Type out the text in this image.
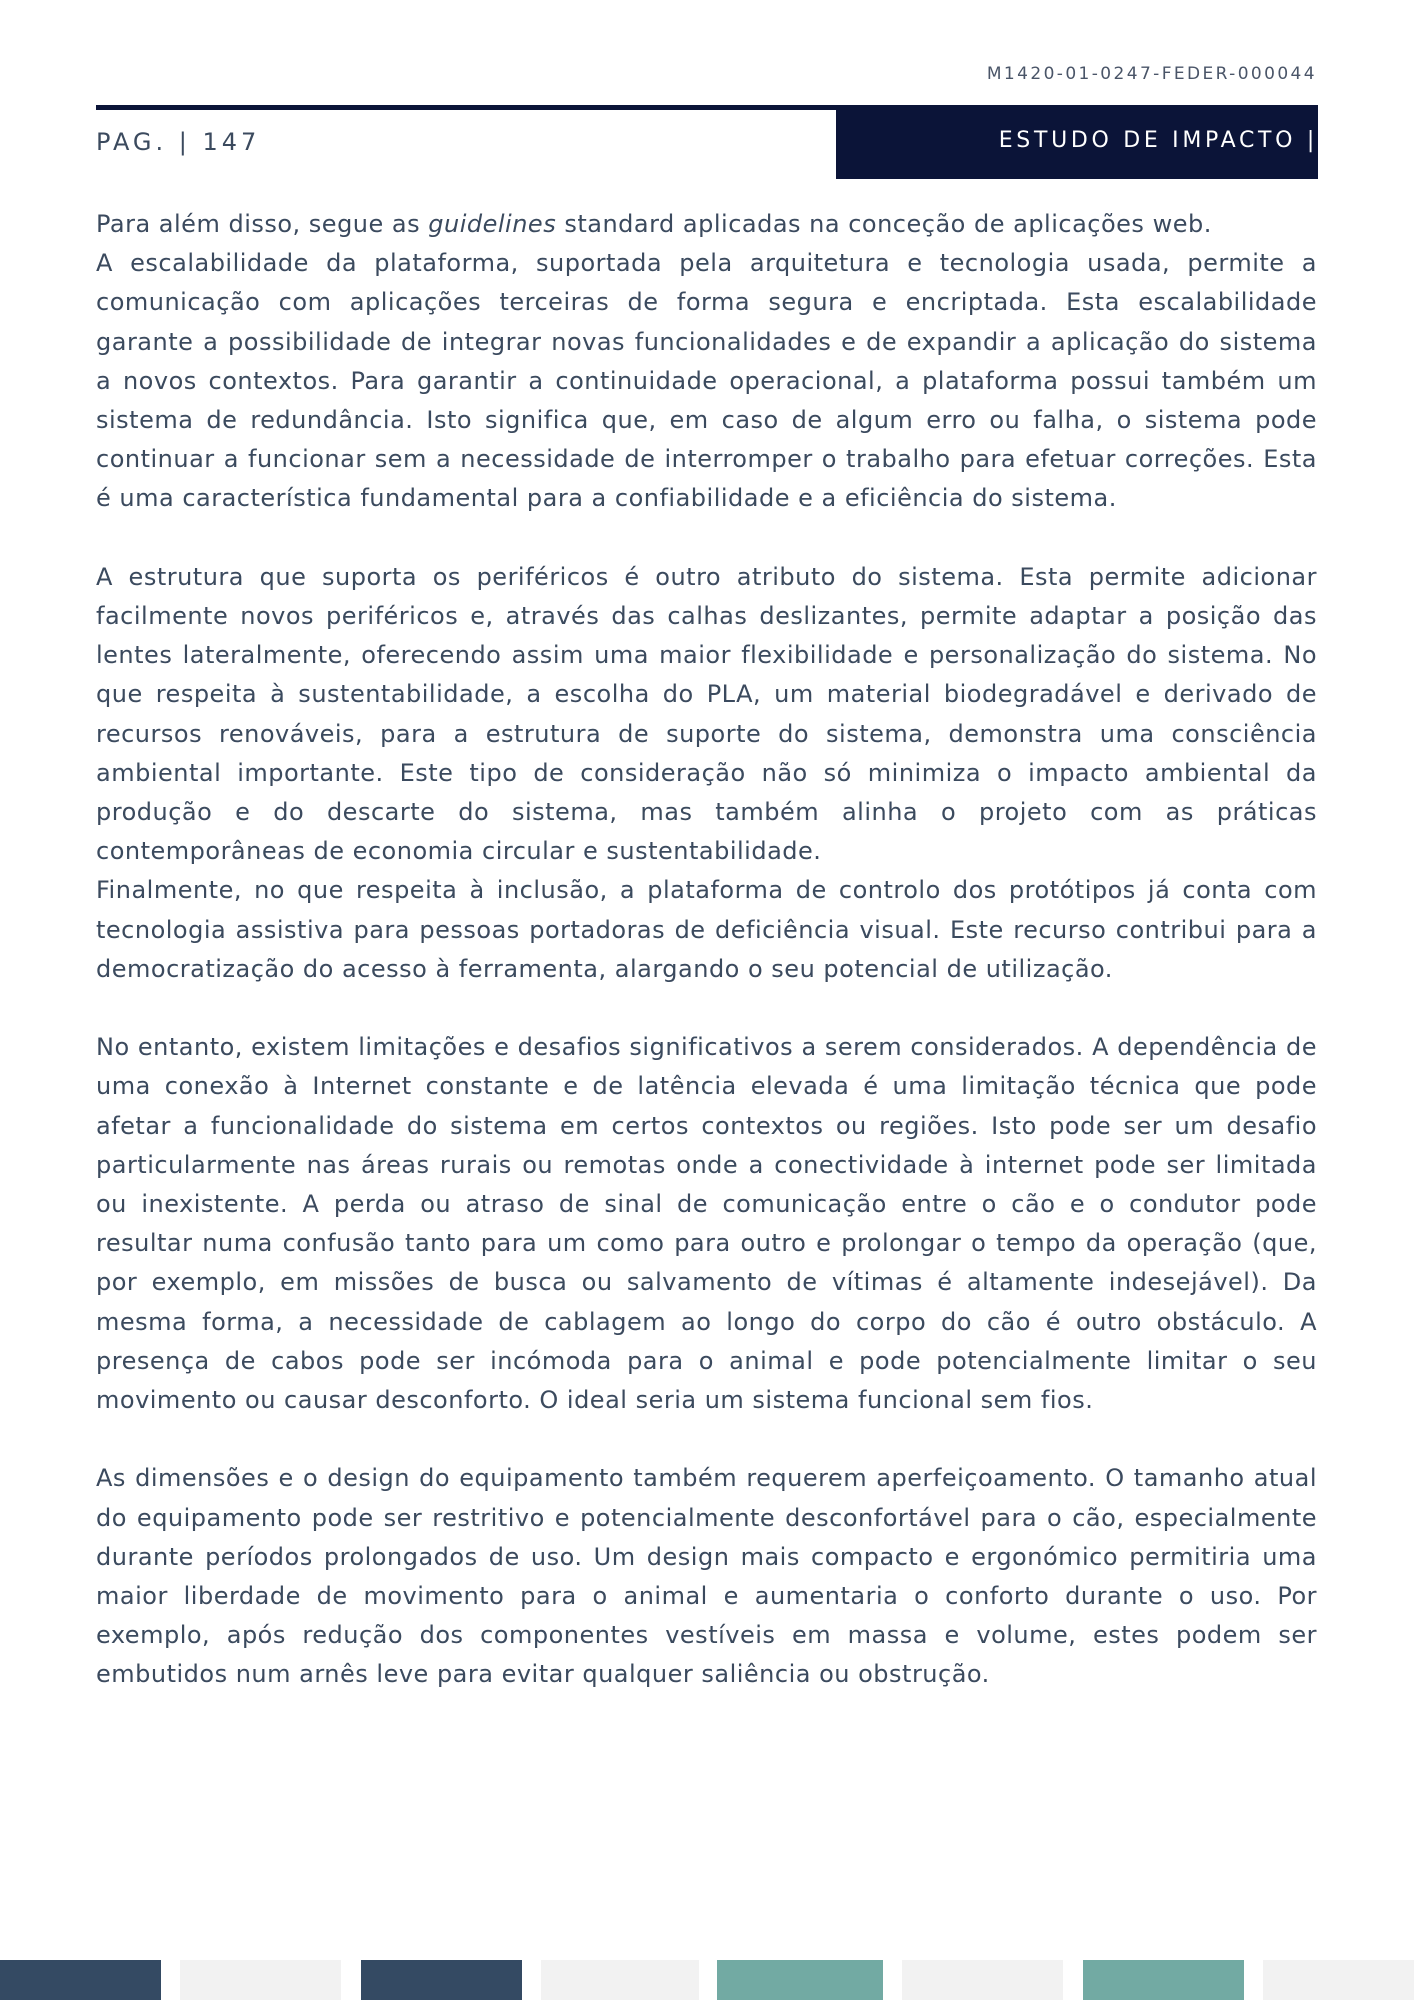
M1420-01-0247-FEDER-000044
PAG. | 147	ESTUDO DE IMPACTO |

Para além disso, segue as guidelines standard aplicadas na conceção de aplicações web.

A escalabilidade da plataforma, suportada pela arquitetura e tecnologia usada, permite a comunicação com aplicações terceiras de forma segura e encriptada. Esta escalabilidade garante a possibilidade de integrar novas funcionalidades e de expandir a aplicação do sistema a novos contextos. Para garantir a continuidade operacional, a plataforma possui também um sistema de redundância. Isto significa que, em caso de algum erro ou falha, o sistema pode continuar a funcionar sem a necessidade de interromper o trabalho para efetuar correções. Esta é uma característica fundamental para a confiabilidade e a eficiência do sistema.

A estrutura que suporta os periféricos é outro atributo do sistema. Esta permite adicionar facilmente novos periféricos e, através das calhas deslizantes, permite adaptar a posição das lentes lateralmente, oferecendo assim uma maior flexibilidade e personalização do sistema. No que respeita à sustentabilidade, a escolha do PLA, um material biodegradável e derivado de recursos renováveis, para a estrutura de suporte do sistema, demonstra uma consciência ambiental importante. Este tipo de consideração não só minimiza o impacto ambiental da produção e do descarte do sistema, mas também alinha o projeto com as práticas contemporâneas de economia circular e sustentabilidade.

Finalmente, no que respeita à inclusão, a plataforma de controlo dos protótipos já conta com tecnologia assistiva para pessoas portadoras de deficiência visual. Este recurso contribui para a democratização do acesso à ferramenta, alargando o seu potencial de utilização.

No entanto, existem limitações e desafios significativos a serem considerados. A dependência de uma conexão à Internet constante e de latência elevada é uma limitação técnica que pode afetar a funcionalidade do sistema em certos contextos ou regiões. Isto pode ser um desafio particularmente nas áreas rurais ou remotas onde a conectividade à internet pode ser limitada ou inexistente. A perda ou atraso de sinal de comunicação entre o cão e o condutor pode resultar numa confusão tanto para um como para outro e prolongar o tempo da operação (que, por exemplo, em missões de busca ou salvamento de vítimas é altamente indesejável). Da mesma forma, a necessidade de cablagem ao longo do corpo do cão é outro obstáculo. A presença de cabos pode ser incómoda para o animal e pode potencialmente limitar o seu movimento ou causar desconforto. O ideal seria um sistema funcional sem fios.

As dimensões e o design do equipamento também requerem aperfeiçoamento. O tamanho atual do equipamento pode ser restritivo e potencialmente desconfortável para o cão, especialmente durante períodos prolongados de uso. Um design mais compacto e ergonómico permitiria uma maior liberdade de movimento para o animal e aumentaria o conforto durante o uso. Por exemplo, após redução dos componentes vestíveis em massa e volume, estes podem ser embutidos num arnês leve para evitar qualquer saliência ou obstrução.
